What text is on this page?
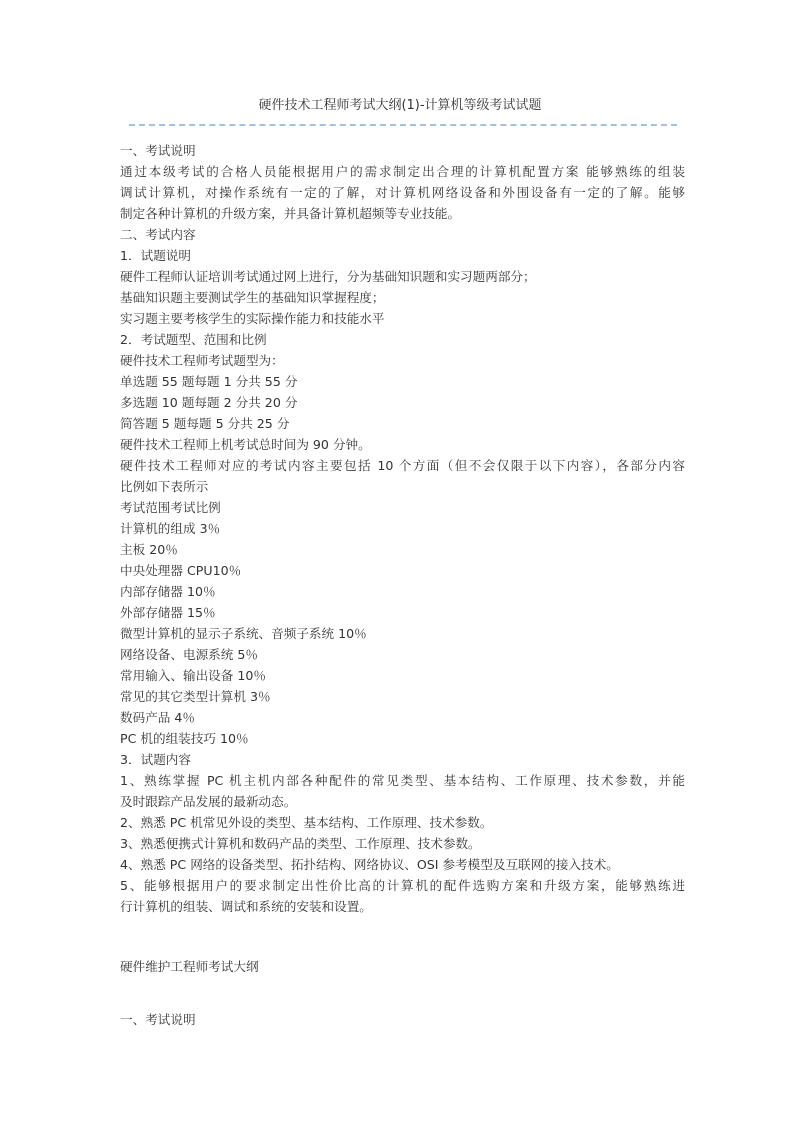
硬件技术工程师考试大纲(1)-计算机等级考试试题
一、考试说明
通过本级考试的合格人员能根据用户的需求制定出合理的计算机配置方案 能够熟练的组装
调试计算机，对操作系统有一定的了解，对计算机网络设备和外围设备有一定的了解。能够
制定各种计算机的升级方案，并具备计算机超频等专业技能。
二、考试内容
1．试题说明
硬件工程师认证培训考试通过网上进行，分为基础知识题和实习题两部分；
基础知识题主要测试学生的基础知识掌握程度；
实习题主要考核学生的实际操作能力和技能水平
2．考试题型、范围和比例
硬件技术工程师考试题型为：
单选题 55 题每题 1 分共 55 分
多选题 10 题每题 2 分共 20 分
简答题 5 题每题 5 分共 25 分
硬件技术工程师上机考试总时间为 90 分钟。
硬件技术工程师对应的考试内容主要包括 10 个方面（但不会仅限于以下内容），各部分内容
比例如下表所示
考试范围考试比例
计算机的组成 3％
主板 20％
中央处理器 CPU10％
内部存储器 10％
外部存储器 15％
微型计算机的显示子系统、音频子系统 10％
网络设备、电源系统 5％
常用输入、输出设备 10％
常见的其它类型计算机 3％
数码产品 4％
PC 机的组装技巧 10％
3．试题内容
1、熟练掌握 PC 机主机内部各种配件的常见类型、基本结构、工作原理、技术参数，并能
及时跟踪产品发展的最新动态。
2、熟悉 PC 机常见外设的类型、基本结构、工作原理、技术参数。
3、熟悉便携式计算机和数码产品的类型、工作原理、技术参数。
4、熟悉 PC 网络的设备类型、拓扑结构、网络协议、OSI 参考模型及互联网的接入技术。
5、能够根据用户的要求制定出性价比高的计算机的配件选购方案和升级方案，能够熟练进
行计算机的组装、调试和系统的安装和设置。
硬件维护工程师考试大纲
一、考试说明
